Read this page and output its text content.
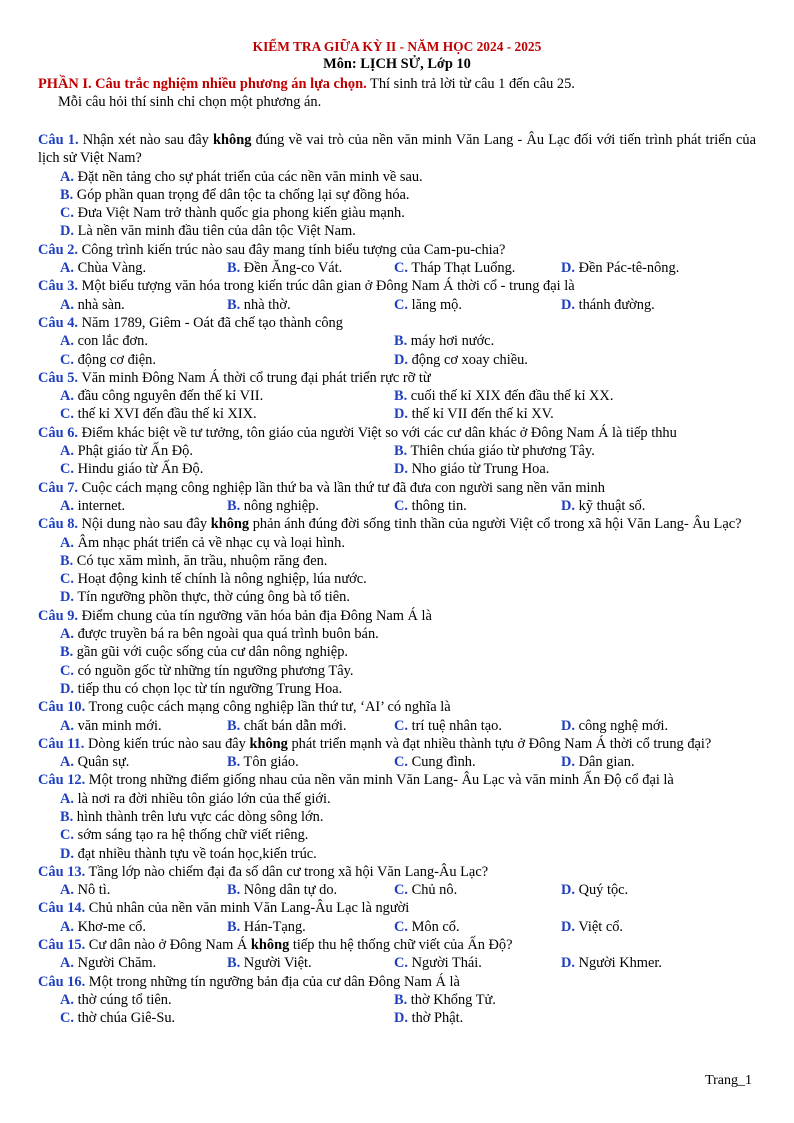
KIỂM TRA GIỮA KỲ II - NĂM HỌC 2024 - 2025
Môn: LỊCH SỬ, Lớp 10
PHẦN I. Câu trắc nghiệm nhiều phương án lựa chọn. Thí sinh trả lời từ câu 1 đến câu 25.
Mỗi câu hỏi thí sinh chỉ chọn một phương án.
Câu 1. Nhận xét nào sau đây không đúng về vai trò của nền văn minh Văn Lang - Âu Lạc đối với tiến trình phát triển của lịch sử Việt Nam?
A. Đặt nền tảng cho sự phát triển của các nền văn minh về sau.
B. Góp phần quan trọng để dân tộc ta chống lại sự đồng hóa.
C. Đưa Việt Nam trở thành quốc gia phong kiến giàu mạnh.
D. Là nền văn minh đầu tiên của dân tộc Việt Nam.
Câu 2. Công trình kiến trúc nào sau đây mang tính biểu tượng của Cam-pu-chia?
A. Chùa Vàng.	B. Đền Ăng-co Vát.	C. Tháp Thạt Luổng.	D. Đền Pác-tê-nông.
Câu 3. Một biểu tượng văn hóa trong kiến trúc dân gian ở Đông Nam Á thời cổ - trung đại là
A. nhà sàn.	B. nhà thờ.	C. lăng mộ.	D. thánh đường.
Câu 4. Năm 1789, Giêm - Oát đã chế tạo thành công
A. con lắc đơn.	B. máy hơi nước.
C. động cơ điện.	D. động cơ xoay chiều.
Câu 5. Văn minh Đông Nam Á thời cổ trung đại phát triển rực rỡ từ
A. đầu công nguyên đến thế kỉ VII.	B. cuối thế kỉ XIX đến đầu thế kỉ XX.
C. thế kỉ XVI đến đầu thế kỉ XIX.	D. thế kỉ VII đến thế kỉ XV.
Câu 6. Điểm khác biệt về tư tưởng, tôn giáo của người Việt so với các cư dân khác ở Đông Nam Á là tiếp thhu
A. Phật giáo từ Ấn Độ.	B. Thiên chúa giáo từ phương Tây.
C. Hindu giáo từ Ấn Độ.	D. Nho giáo từ Trung Hoa.
Câu 7. Cuộc cách mạng công nghiệp lần thứ ba và lần thứ tư đã đưa con người sang nền văn minh
A. internet.	B. nông nghiệp.	C. thông tin.	D. kỹ thuật số.
Câu 8. Nội dung nào sau đây không phản ánh đúng đời sống tinh thần của người Việt cổ trong xã hội Văn Lang- Âu Lạc?
A. Âm nhạc phát triển cả về nhạc cụ và loại hình.
B. Có tục xăm mình, ăn trầu, nhuộm răng đen.
C. Hoạt động kinh tế chính là nông nghiệp, lúa nước.
D. Tín ngưỡng phồn thực, thờ cúng ông bà tổ tiên.
Câu 9. Điểm chung của tín ngưỡng văn hóa bản địa Đông Nam Á là
A. được truyền bá ra bên ngoài qua quá trình buôn bán.
B. gần gũi với cuộc sống của cư dân nông nghiệp.
C. có nguồn gốc từ những tín ngưỡng phương Tây.
D. tiếp thu có chọn lọc từ tín ngưỡng Trung Hoa.
Câu 10. Trong cuộc cách mạng công nghiệp lần thứ tư, ‘AI’ có nghĩa là
A. văn minh mới.	B. chất bán dẫn mới.	C. trí tuệ nhân tạo.	D. công nghệ mới.
Câu 11. Dòng kiến trúc nào sau đây không phát triển mạnh và đạt nhiều thành tựu ở Đông Nam Á thời cổ trung đại?
A. Quân sự.	B. Tôn giáo.	C. Cung đình.	D. Dân gian.
Câu 12. Một trong những điểm giống nhau của nền văn minh Văn Lang- Âu Lạc và văn minh Ấn Độ cổ đại là
A. là nơi ra đời nhiều tôn giáo lớn của thế giới.
B. hình thành trên lưu vực các dòng sông lớn.
C. sớm sáng tạo ra hệ thống chữ viết riêng.
D. đạt nhiều thành tựu về toán học,kiến trúc.
Câu 13. Tầng lớp nào chiếm đại đa số dân cư trong xã hội Văn Lang-Âu Lạc?
A. Nô tì.	B. Nông dân tự do.	C. Chủ nô.	D. Quý tộc.
Câu 14. Chủ nhân của nền văn minh Văn Lang-Âu Lạc là người
A. Khơ-me cổ.	B. Hán-Tạng.	C. Môn cổ.	D. Việt cổ.
Câu 15. Cư dân nào ở Đông Nam Á không tiếp thu hệ thống chữ viết của Ấn Độ?
A. Người Chăm.	B. Người Việt.	C. Người Thái.	D. Người Khmer.
Câu 16. Một trong những tín ngưỡng bản địa của cư dân Đông Nam Á là
A. thờ cúng tổ tiên.	B. thờ Khổng Tử.
C. thờ chúa Giê-Su.	D. thờ Phật.
Trang_1
